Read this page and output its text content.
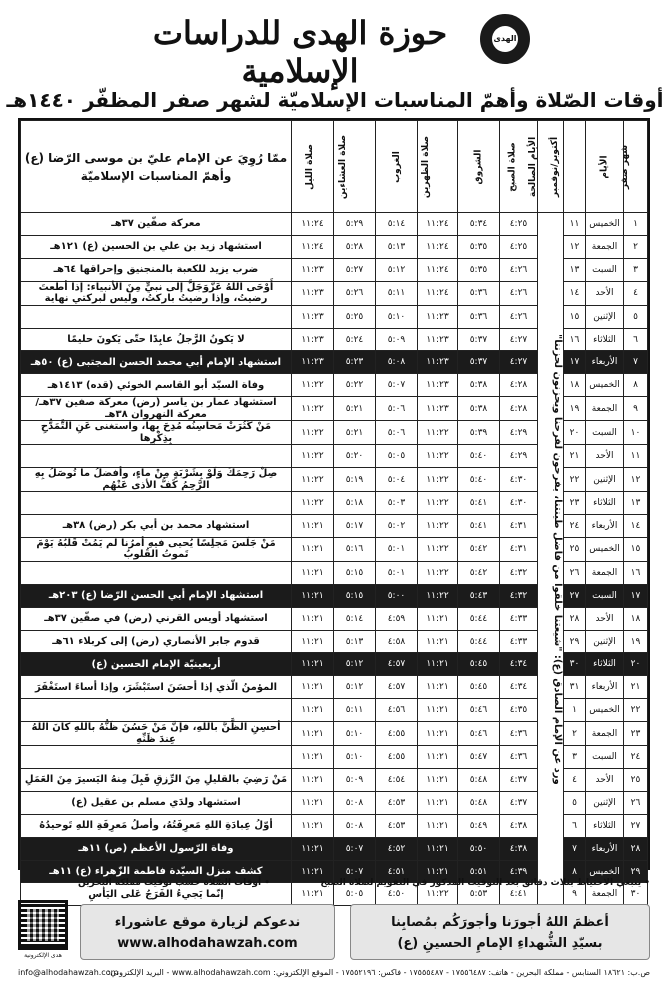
الهدى
حوزة الهدى للدراسات الإسلامية
أوقات الصّلاة وأهمّ المناسبات الإسلاميّة لشهر صفر المظفّر ١٤٤٠هـ
شهر صفر	الأيام	أكتوبر/نوفمبر	الأيام الصالحة	صلاة الصبح	الشروق	صلاة الظهرين	الغروب	صلاة العشاءين	صلاة الليل	ممّا رُوِيَ عن الإمام عليّ بن موسى الرّضا (ع) وأهمّ المناسبات الإسلاميّة
١	الخميس	١١	ورد عن الإمام الصادق (ع): "شيعتنا خلقوا من فاضل طينتنا، يفرحون لفرحنا ويحزنون لحزننا"	٤:٢٥	٥:٣٤	١١:٢٤	٥:١٤	٥:٢٩	١١:٢٤	معركة صفّين ٣٧هـ
٢	الجمعة	١٢		٤:٢٥	٥:٣٥	١١:٢٤	٥:١٣	٥:٢٨	١١:٢٤	استشهاد زيد بن علي بن الحسين (ع) ١٢١هـ
٣	السبت	١٣		٤:٢٦	٥:٣٥	١١:٢٤	٥:١٢	٥:٢٧	١١:٢٣	ضرب يزيد للكعبة بالمنجنيق وإحراقها ٦٤هـ
٤	الأحد	١٤		٤:٢٦	٥:٣٦	١١:٢٤	٥:١١	٥:٢٦	١١:٢٣	أَوْحَى اللهُ عَزَّوَجَلَّ إلى نبيٍّ مِنَ الأنبياء: إذا أطعتَ رضيتُ، وإذا رضيتُ باركتُ، وليس لبركتي نهاية
٥	الإثنين	١٥		٤:٢٦	٥:٣٦	١١:٢٣	٥:١٠	٥:٢٥	١١:٢٣	
٦	الثلاثاء	١٦		٤:٢٧	٥:٣٧	١١:٢٣	٥:٠٩	٥:٢٤	١١:٢٣	لا يَكونُ الرَّجلُ عابِدًا حتّى يَكونَ حليمًا
٧	الأربعاء	١٧		٤:٢٧	٥:٣٧	١١:٢٣	٥:٠٨	٥:٢٣	١١:٢٣	استشهاد الإمام أبي محمد الحسن المجتبى (ع) ٥٠هـ
٨	الخميس	١٨		٤:٢٨	٥:٣٨	١١:٢٣	٥:٠٧	٥:٢٢	١١:٢٢	وفاة السيّد أبو القاسم الخوئي (قده) ١٤١٣هـ
٩	الجمعة	١٩		٤:٢٨	٥:٣٨	١١:٢٣	٥:٠٦	٥:٢١	١١:٢٢	استشهاد عمار بن ياسر (رض) معركة صفين ٣٧هـ/معركة النهروان ٣٨هـ
١٠	السبت	٢٠		٤:٢٩	٥:٣٩	١١:٢٢	٥:٠٦	٥:٢١	١١:٢٢	مَنْ كَثُرَتْ مَحاسِنُه مُدِحَ بِها، واستغنى عَنِ التَّمَدُّحِ بِذِكْرِها
١١	الأحد	٢١		٤:٢٩	٥:٤٠	١١:٢٢	٥:٠٥	٥:٢٠	١١:٢٢	
١٢	الإثنين	٢٢		٤:٣٠	٥:٤٠	١١:٢٢	٥:٠٤	٥:١٩	١١:٢٢	صِلْ رَحِمَكَ وَلَوْ بِشَرْبَةٍ مِنْ ماءٍ، وأفضلُ ما تُوصَلُ بِهِ الرَّحِمُ كَفُّ الأذى عَنْهُم
١٣	الثلاثاء	٢٣		٤:٣٠	٥:٤١	١١:٢٢	٥:٠٣	٥:١٨	١١:٢٢	
١٤	الأربعاء	٢٤		٤:٣١	٥:٤١	١١:٢٢	٥:٠٢	٥:١٧	١١:٢١	استشهاد محمد بن أبي بكر (رض) ٣٨هـ
١٥	الخميس	٢٥		٤:٣١	٥:٤٢	١١:٢٢	٥:٠١	٥:١٦	١١:٢١	مَنْ جَلَسَ مَجلِسًا يُحيى فيهِ أمرُنا لم يَمُتْ قَلبُهُ يَوْمَ تَموتُ القُلوبُ
١٦	الجمعة	٢٦		٤:٣٢	٥:٤٢	١١:٢٢	٥:٠١	٥:١٥	١١:٢١	
١٧	السبت	٢٧		٤:٣٢	٥:٤٣	١١:٢٢	٥:٠٠	٥:١٥	١١:٢١	استشهاد الإمام أبي الحسن الرّضا (ع) ٢٠٣هـ
١٨	الأحد	٢٨		٤:٣٣	٥:٤٤	١١:٢١	٤:٥٩	٥:١٤	١١:٢١	استشهاد أويس القرني (رض) في صفّين ٣٧هـ
١٩	الإثنين	٢٩		٤:٣٣	٥:٤٤	١١:٢١	٤:٥٨	٥:١٣	١١:٢١	قدوم جابر الأنصاري (رض) إلى كربلاء ٦١هـ
٢٠	الثلاثاء	٣٠		٤:٣٤	٥:٤٥	١١:٢١	٤:٥٧	٥:١٢	١١:٢١	أربعينيّة الإمام الحسين (ع)
٢١	الأربعاء	٣١		٤:٣٤	٥:٤٥	١١:٢١	٤:٥٧	٥:١٢	١١:٢١	المؤمنُ الّذي إذا أحسَنَ استَبْشَرَ، وإذا أساءَ استَغْفَرَ
٢٢	الخميس	١		٤:٣٥	٥:٤٦	١١:٢١	٤:٥٦	٥:١١	١١:٢١	
٢٣	الجمعة	٢		٤:٣٦	٥:٤٦	١١:٢١	٤:٥٥	٥:١٠	١١:٢١	أحسِنِ الظَّنَّ باللهِ، فإنَّ مَنْ حَسُنَ ظَنُّهُ باللهِ كانَ اللهُ عِندَ ظَنِّهِ
٢٤	السبت	٣		٤:٣٦	٥:٤٧	١١:٢١	٤:٥٥	٥:١٠	١١:٢١	
٢٥	الأحد	٤		٤:٣٧	٥:٤٨	١١:٢١	٤:٥٤	٥:٠٩	١١:٢١	مَنْ رَضِيَ بالقليلِ مِنَ الرِّزقِ قَبِلَ مِنهُ اليَسيرَ مِنَ العَمَلِ
٢٦	الإثنين	٥		٤:٣٧	٥:٤٨	١١:٢١	٤:٥٣	٥:٠٨	١١:٢١	استشهاد ولدَي مسلم بن عقيل (ع)
٢٧	الثلاثاء	٦		٤:٣٨	٥:٤٩	١١:٢١	٤:٥٣	٥:٠٨	١١:٢١	أوّلُ عِبادَةِ اللهِ مَعرِفَتُهُ، وأصلُ مَعرِفَةِ اللهِ تَوحيدُهُ
٢٨	الأربعاء	٧		٤:٣٨	٥:٥٠	١١:٢١	٤:٥٢	٥:٠٧	١١:٢١	وفاة الرّسول الأعظم (ص) ١١هـ
٢٩	الخميس	٨		٤:٣٩	٥:٥١	١١:٢١	٤:٥١	٥:٠٧	١١:٢١	كشف منزل السيّدة فاطمة الزّهراء (ع) ١١هـ
٣٠	الجمعة	٩		٤:٤١	٥:٥٣	١١:٢٢	٤:٥٠	٥:٠٥	١١:٢١	إنّما يَجيءُ الفَرَجُ عَلى اليَأسِ
• ينبغي الاحتياط بثلاث دقائق بعد التوقيت المذكور في التقويم لصلاة الصبح
• أوقات الصّلاة حسب توقيت مملكة البحرين
أعظمَ اللهُ أجورَنا وأجورَكُم بمُصابِنا
بسيّدِ الشُّهداءِ الإمامِ الحسينِ (ع)
ندعوكم لزيارة موقع عاشوراء
www.alhodahawzah.com
هدى الإلكترونية
ص.ب: ١٨٦٢١ السنابس - مملكة البحرين - هاتف: ١٧٥٥٦٤٨٧ - ١٧٥٥٥٤٨٧ - فاكس: ١٧٥٥٢١٩٦ - الموقع الإلكتروني: www.alhodahawzah.com - البريد الإلكتروني:
info@alhodahawzah.com
